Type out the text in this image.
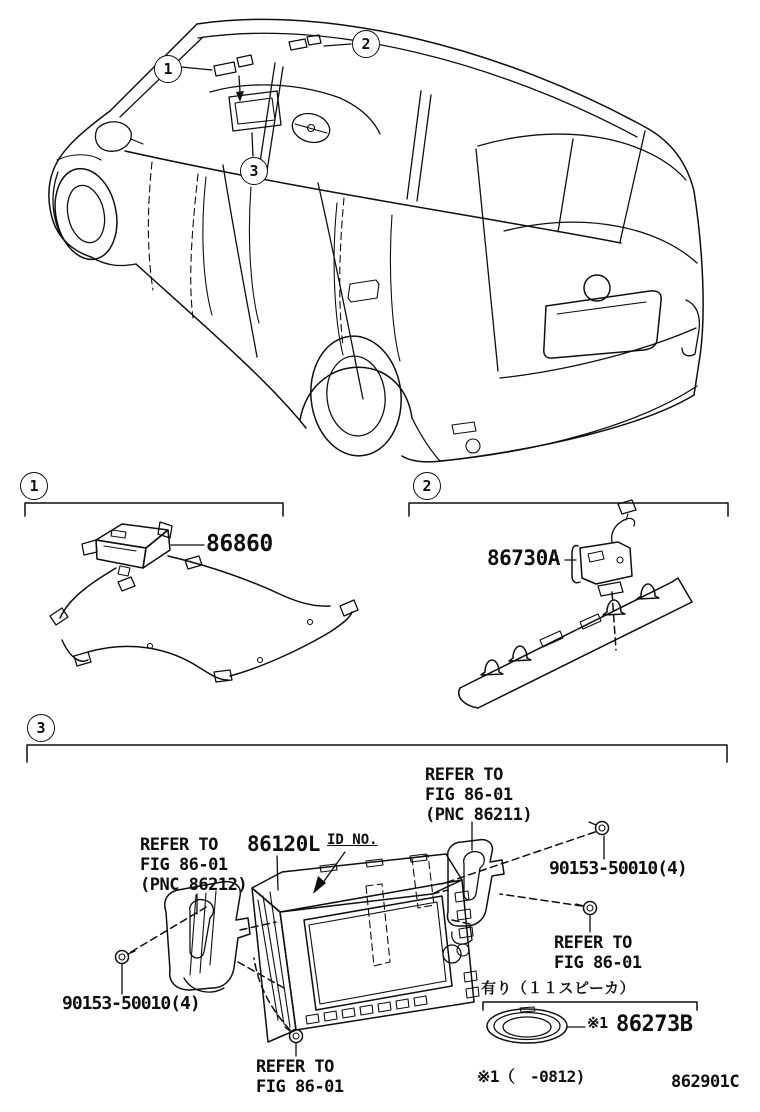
1
2
3
1	2
3
86860
86730A
REFER TO
FIG 86-01
(PNC 86211)
REFER TO
FIG 86-01
(PNC 86212)
86120L ID NO.
90153-50010(4)
REFER TO
FIG 86-01
90153-50010(4)
REFER TO
FIG 86-01
有り（１１スピーカ）
※1 86273B
※1（　-0812)	862901C
